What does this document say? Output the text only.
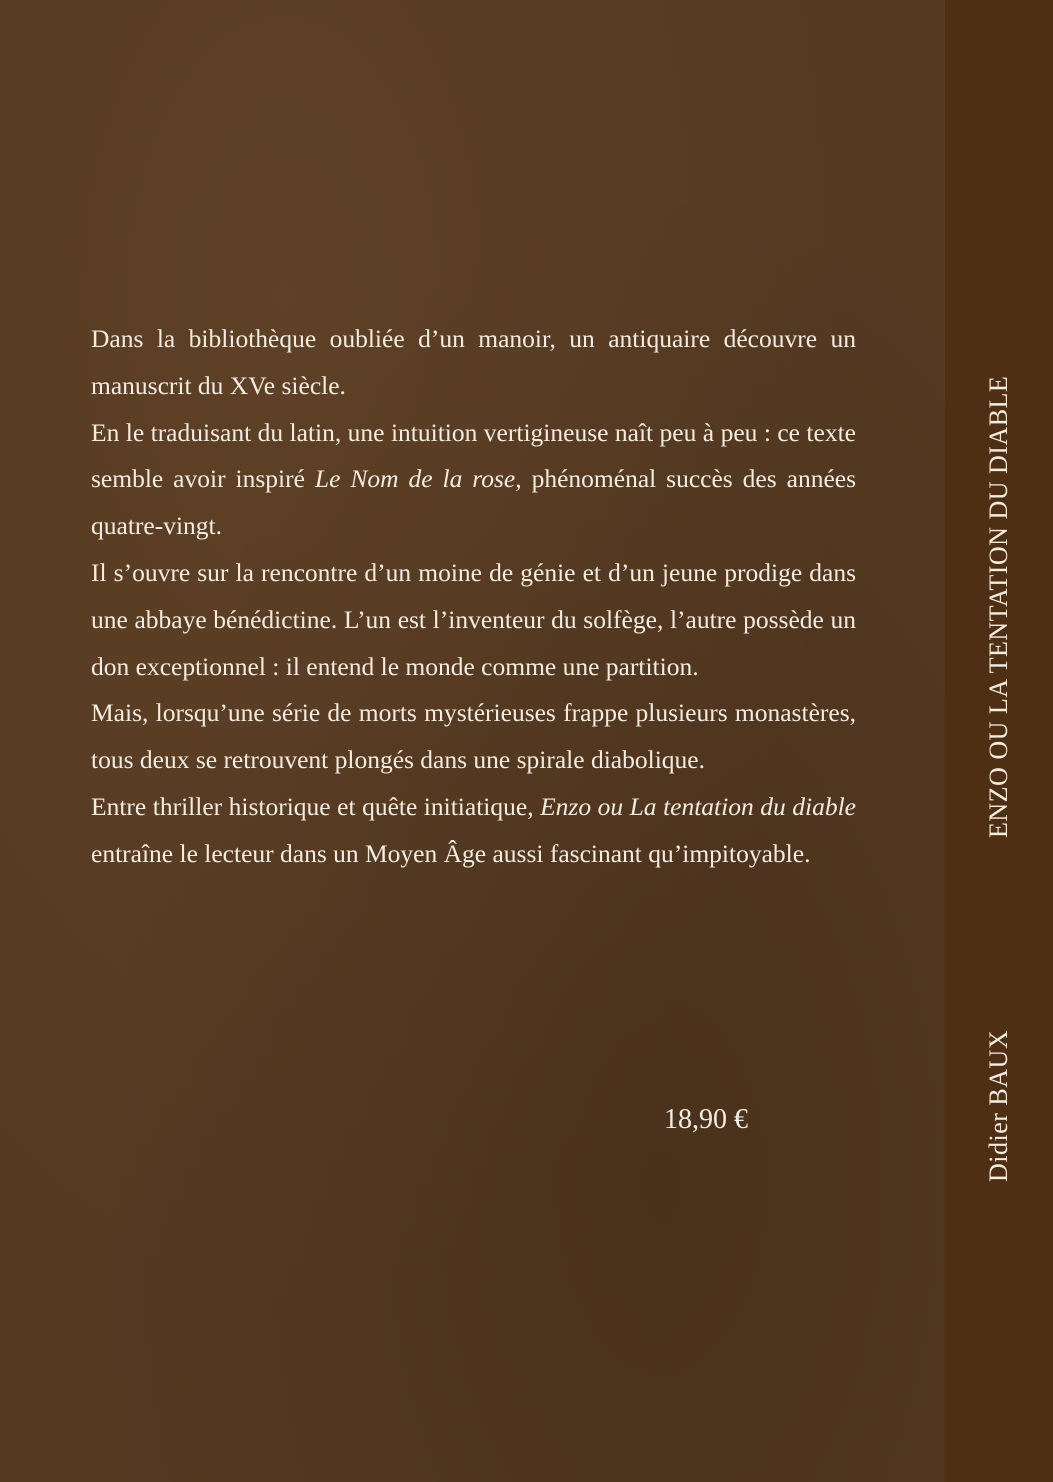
Dans la bibliothèque oubliée d’un manoir, un antiquaire découvre un manuscrit du XVe siècle.

En le traduisant du latin, une intuition vertigineuse naît peu à peu : ce texte semble avoir inspiré Le Nom de la rose, phénoménal succès des années quatre-vingt.

Il s’ouvre sur la rencontre d’un moine de génie et d’un jeune prodige dans une abbaye bénédictine. L’un est l’inventeur du solfège, l’autre possède un don exceptionnel : il entend le monde comme une partition.

Mais, lorsqu’une série de morts mystérieuses frappe plusieurs monastères, tous deux se retrouvent plongés dans une spirale diabolique.

Entre thriller historique et quête initiatique, Enzo ou La tentation du diable entraîne le lecteur dans un Moyen Âge aussi fascinant qu’impitoyable.

18,90 €
ENZO OU LA TENTATION DU DIABLE
Didier BAUX
